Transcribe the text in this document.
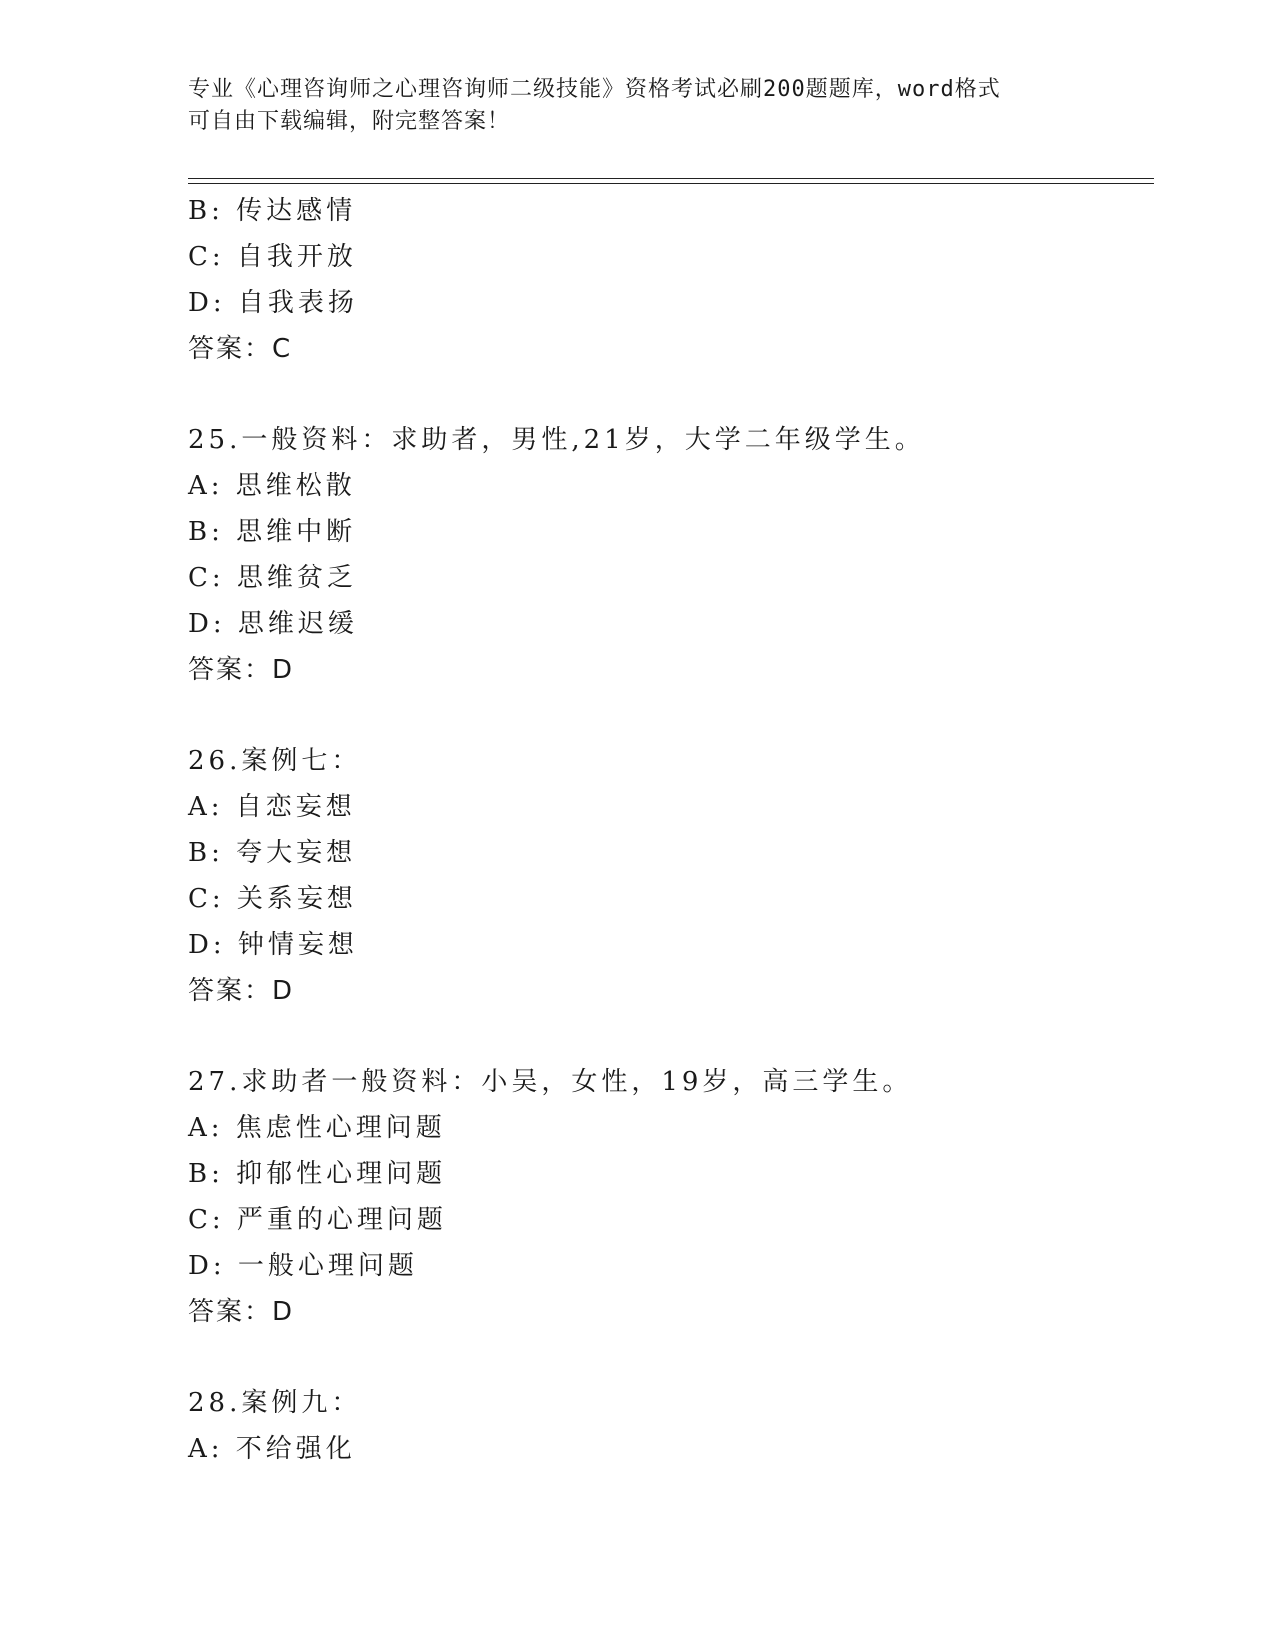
专业《心理咨询师之心理咨询师二级技能》资格考试必刷200题题库，word格式
可自由下载编辑，附完整答案！
B: 传达感情
C: 自我开放
D: 自我表扬
答案：C
25.一般资料：求助者，男性,21岁，大学二年级学生。
A: 思维松散
B: 思维中断
C: 思维贫乏
D: 思维迟缓
答案：D
26.案例七：
A: 自恋妄想
B: 夸大妄想
C: 关系妄想
D: 钟情妄想
答案：D
27.求助者一般资料：小吴，女性，19岁，高三学生。
A: 焦虑性心理问题
B: 抑郁性心理问题
C: 严重的心理问题
D: 一般心理问题
答案：D
28.案例九：
A: 不给强化
